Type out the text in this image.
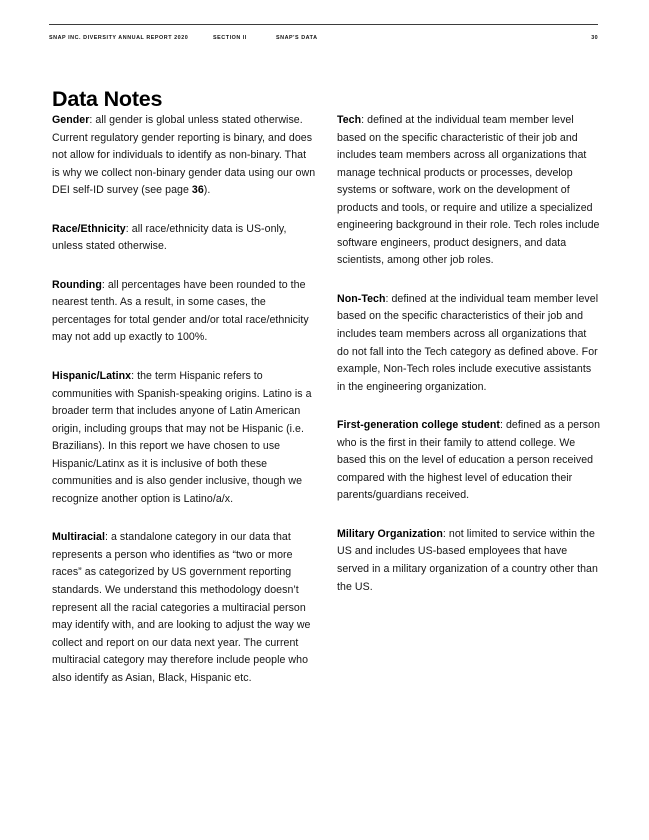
SNAP INC. DIVERSITY ANNUAL REPORT 2020	SECTION II	SNAP'S DATA	30
Data Notes

Gender: all gender is global unless stated otherwise. Current regulatory gender reporting is binary, and does not allow for individuals to identify as non-binary. That is why we collect non-binary gender data using our own DEI self-ID survey (see page 36).

Race/Ethnicity: all race/ethnicity data is US-only, unless stated otherwise.

Rounding: all percentages have been rounded to the nearest tenth. As a result, in some cases, the percentages for total gender and/or total race/ethnicity may not add up exactly to 100%.

Hispanic/Latinx: the term Hispanic refers to communities with Spanish-speaking origins. Latino is a broader term that includes anyone of Latin American origin, including groups that may not be Hispanic (i.e. Brazilians). In this report we have chosen to use Hispanic/Latinx as it is inclusive of both these communities and is also gender inclusive, though we recognize another option is Latino/a/x.

Multiracial: a standalone category in our data that represents a person who identifies as “two or more races” as categorized by US government reporting standards. We understand this methodology doesn’t represent all the racial categories a multiracial person may identify with, and are looking to adjust the way we collect and report on our data next year. The current multiracial category may therefore include people who also identify as Asian, Black, Hispanic etc.

Tech: defined at the individual team member level based on the specific characteristic of their job and includes team members across all organizations that manage technical products or processes, develop systems or software, work on the development of products and tools, or require and utilize a specialized engineering background in their role. Tech roles include software engineers, product designers, and data scientists, among other job roles.

Non-Tech: defined at the individual team member level based on the specific characteristics of their job and includes team members across all organizations that do not fall into the Tech category as defined above. For example, Non-Tech roles include executive assistants in the engineering organization.

First-generation college student: defined as a person who is the first in their family to attend college. We based this on the level of education a person received compared with the highest level of education their parents/guardians received.

Military Organization: not limited to service within the US and includes US-based employees that have served in a military organization of a country other than the US.
